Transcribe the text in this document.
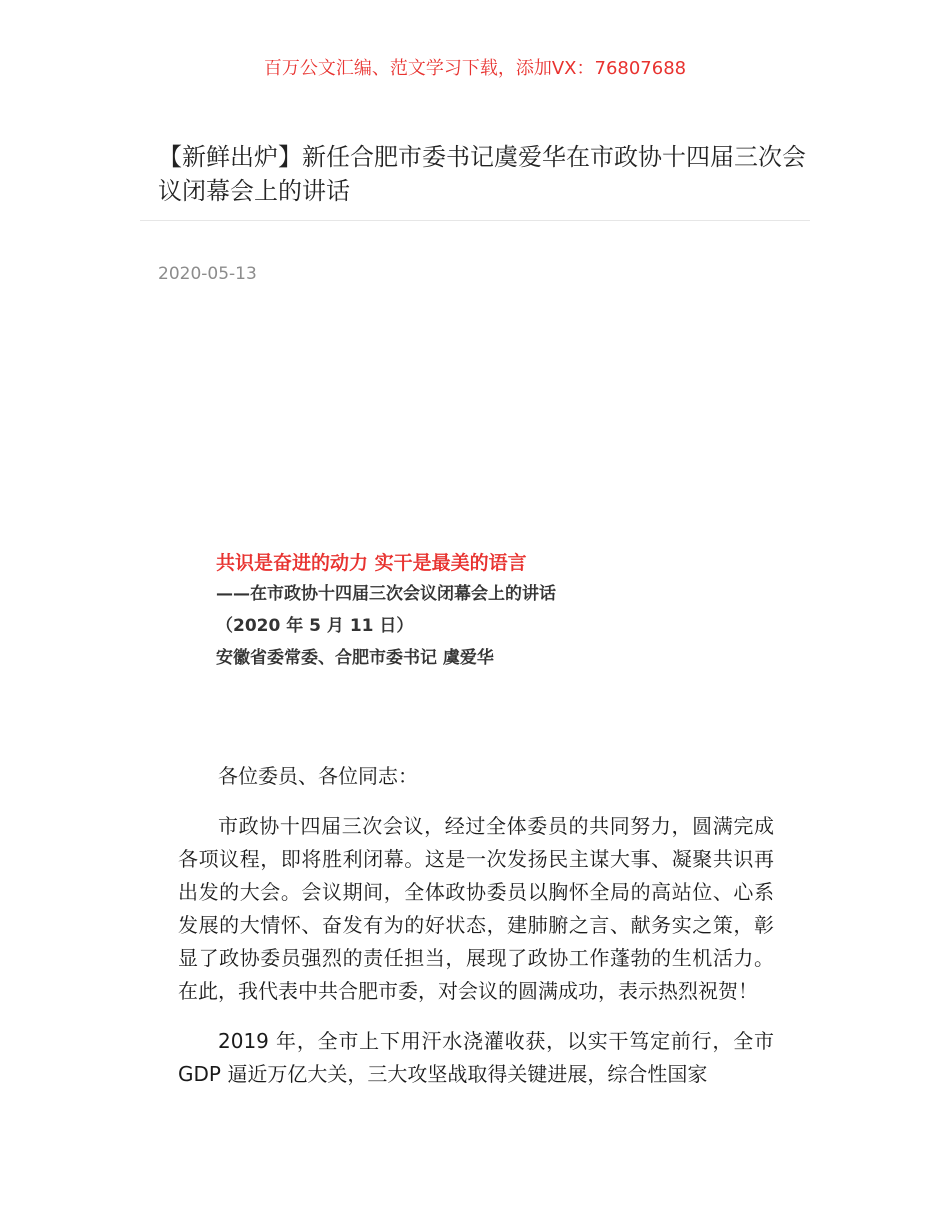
百万公文汇编、范文学习下载，添加VX：76807688
【新鲜出炉】新任合肥市委书记虞爱华在市政协十四届三次会议闭幕会上的讲话
2020-05-13
共识是奋进的动力 实干是最美的语言
——在市政协十四届三次会议闭幕会上的讲话
（2020 年 5 月 11 日）
安徽省委常委、合肥市委书记 虞爱华

各位委员、各位同志：

市政协十四届三次会议，经过全体委员的共同努力，圆满完成各项议程，即将胜利闭幕。这是一次发扬民主谋大事、凝聚共识再出发的大会。会议期间，全体政协委员以胸怀全局的高站位、心系发展的大情怀、奋发有为的好状态，建肺腑之言、献务实之策，彰显了政协委员强烈的责任担当，展现了政协工作蓬勃的生机活力。在此，我代表中共合肥市委，对会议的圆满成功，表示热烈祝贺！

2019 年，全市上下用汗水浇灌收获，以实干笃定前行，全市 GDP 逼近万亿大关，三大攻坚战取得关键进展，综合性国家
